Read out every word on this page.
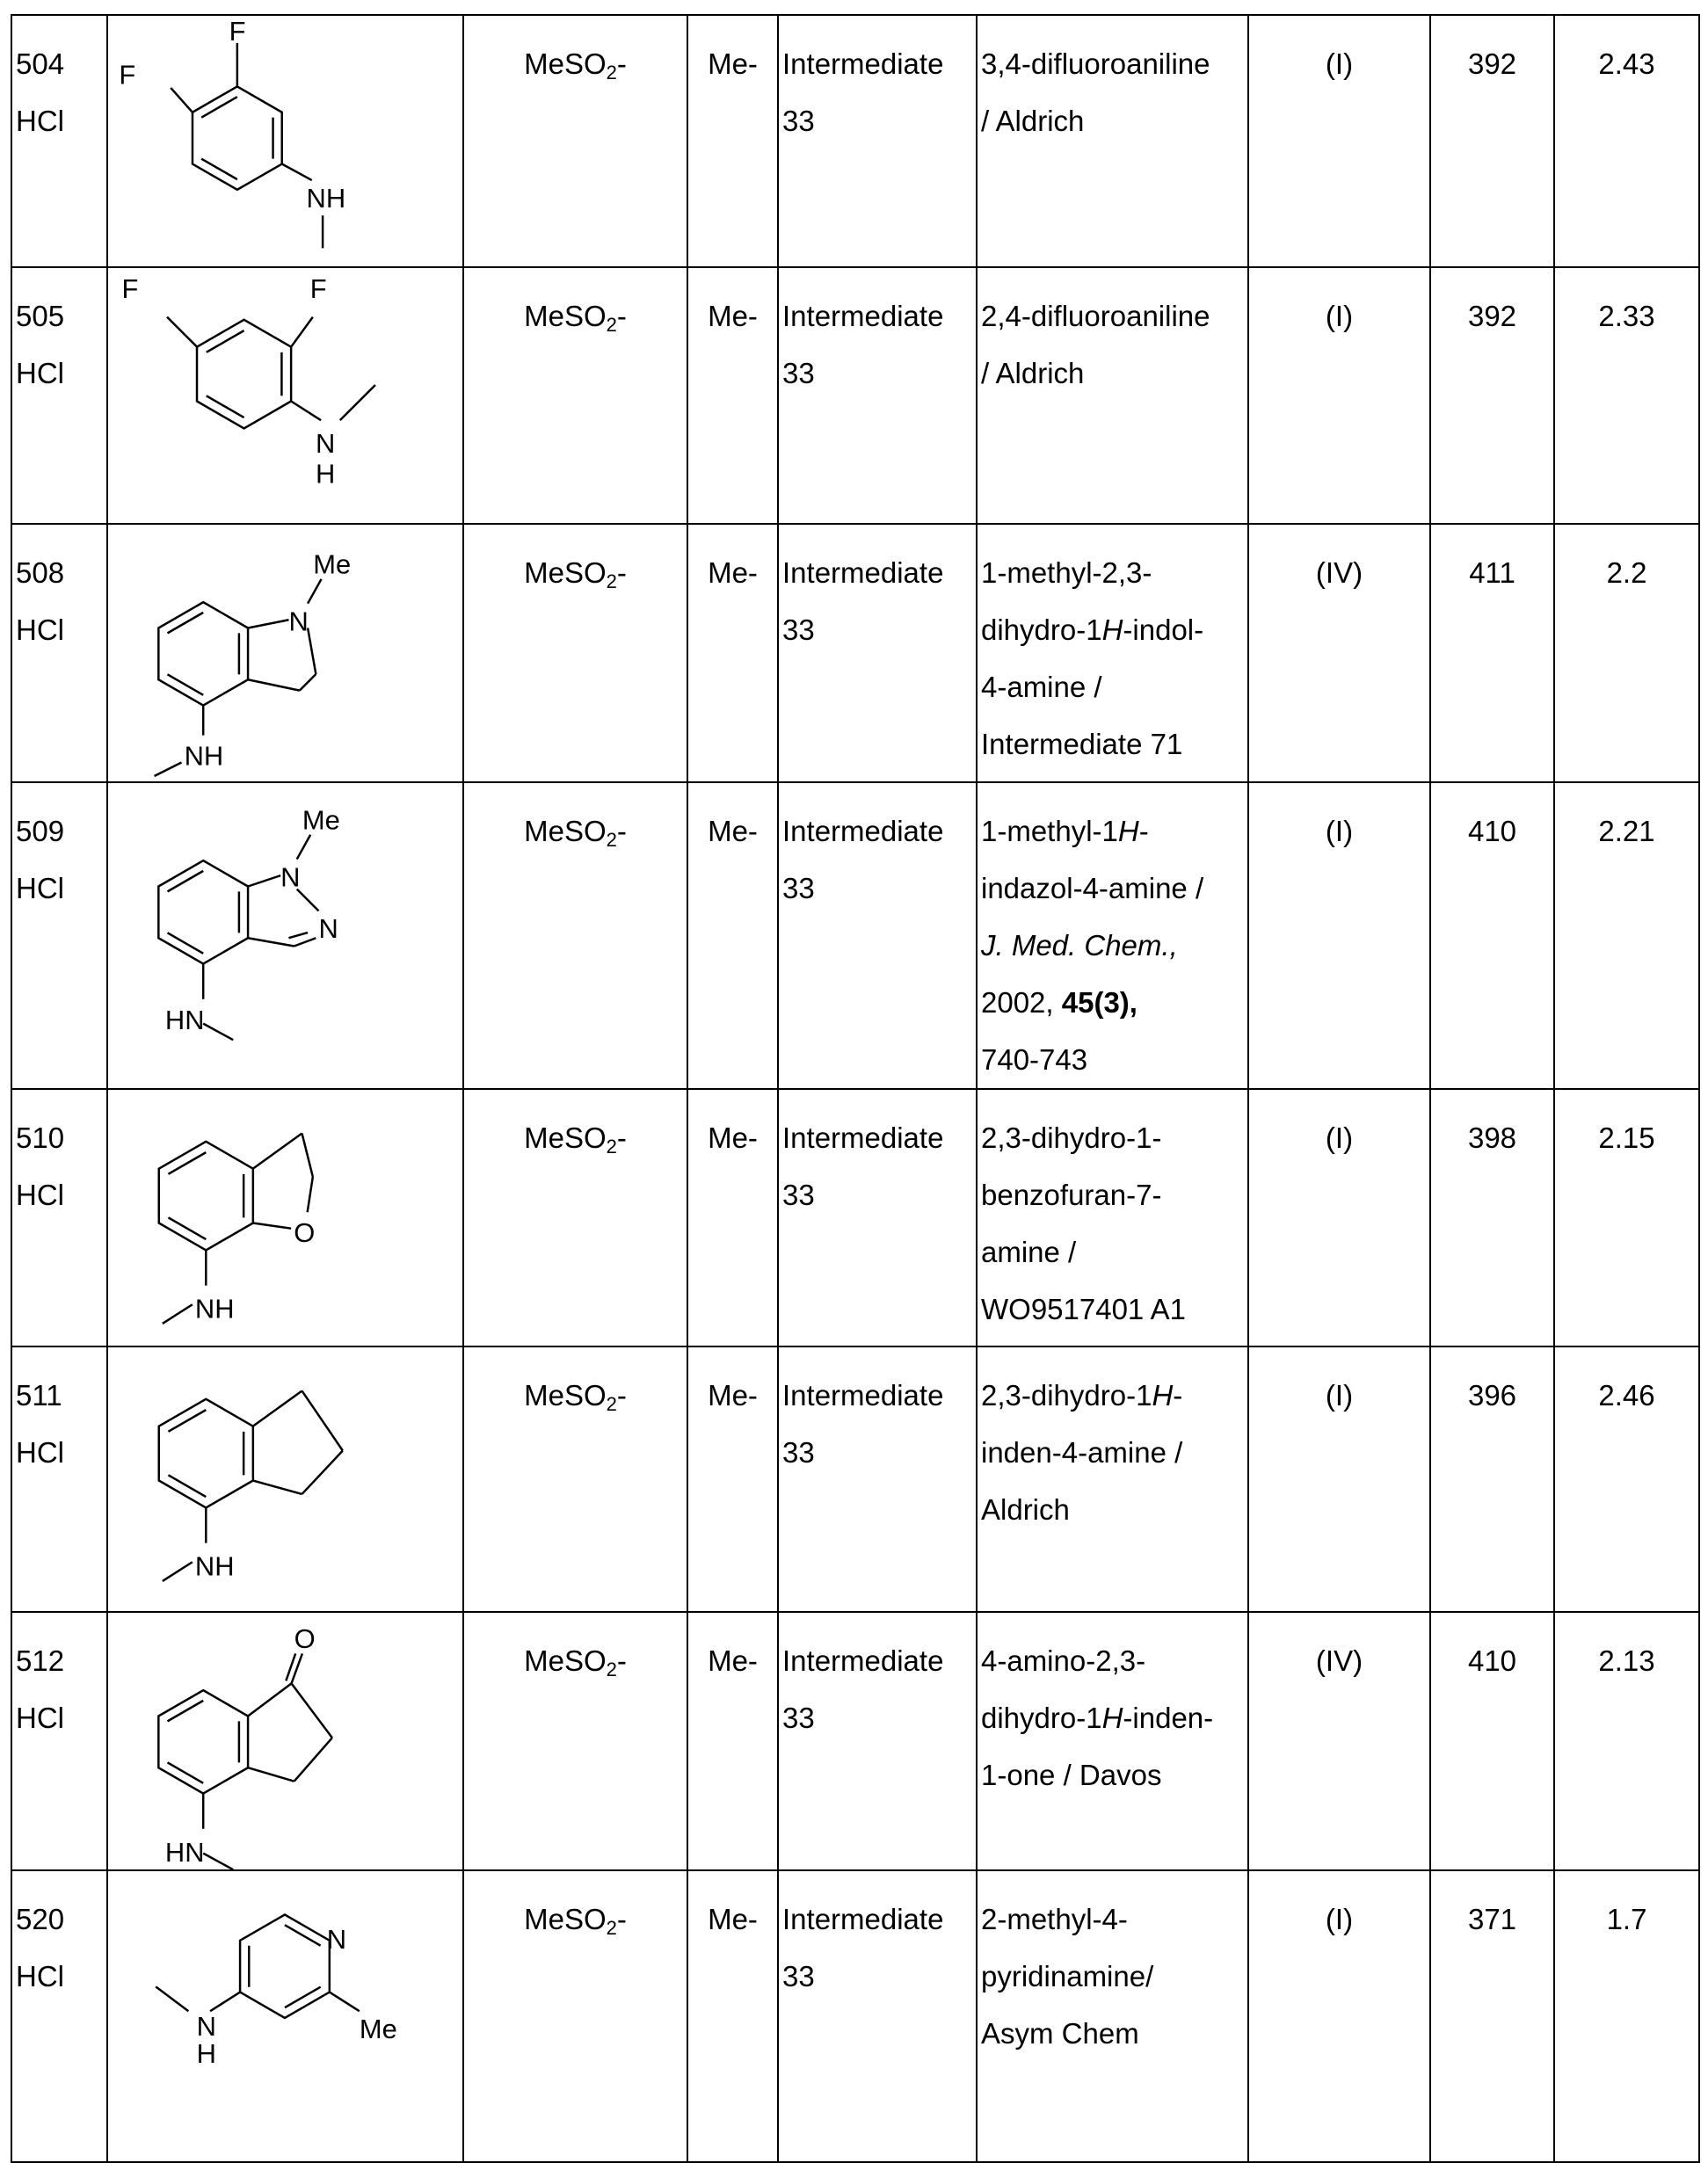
504
HCl

F
F
NH

MeSO2-	Me-	Intermediate
33

3,4-difluoroaniline
/ Aldrich

(I)	392	2.43

505
HCl

F	F
N
H

MeSO2-	Me-	Intermediate
33

2,4-difluoroaniline
/ Aldrich

(I)	392	2.33

508
HCl	N
Me
NH

MeSO2-	Me-	Intermediate
33

1-methyl-2,3-
dihydro-1H-indol-
4-amine /
Intermediate 71

(IV)	411	2.2

509
HCl	N
N
Me
HN

MeSO2-	Me-	Intermediate
33

1-methyl-1H-
indazol-4-amine /
J. Med. Chem.,
2002, 45(3),
740-743

(I)	410	2.21

510
HCl

O
NH

MeSO2-	Me-	Intermediate
33

2,3-dihydro-1-
benzofuran-7-
amine /
WO9517401 A1

(I)	398	2.15

511
HCl

NH

MeSO2-	Me-	Intermediate
33

2,3-dihydro-1H-
inden-4-amine /
Aldrich

(I)	396	2.46

512
HCl

O
HN

MeSO2-	Me-	Intermediate
33

4-amino-2,3-
dihydro-1H-inden-
1-one / Davos

(IV)	410	2.13

520
HCl

N
Me
N
H

MeSO2-	Me-	Intermediate
33

2-methyl-4-
pyridinamine/
Asym Chem

(I)	371	1.7
